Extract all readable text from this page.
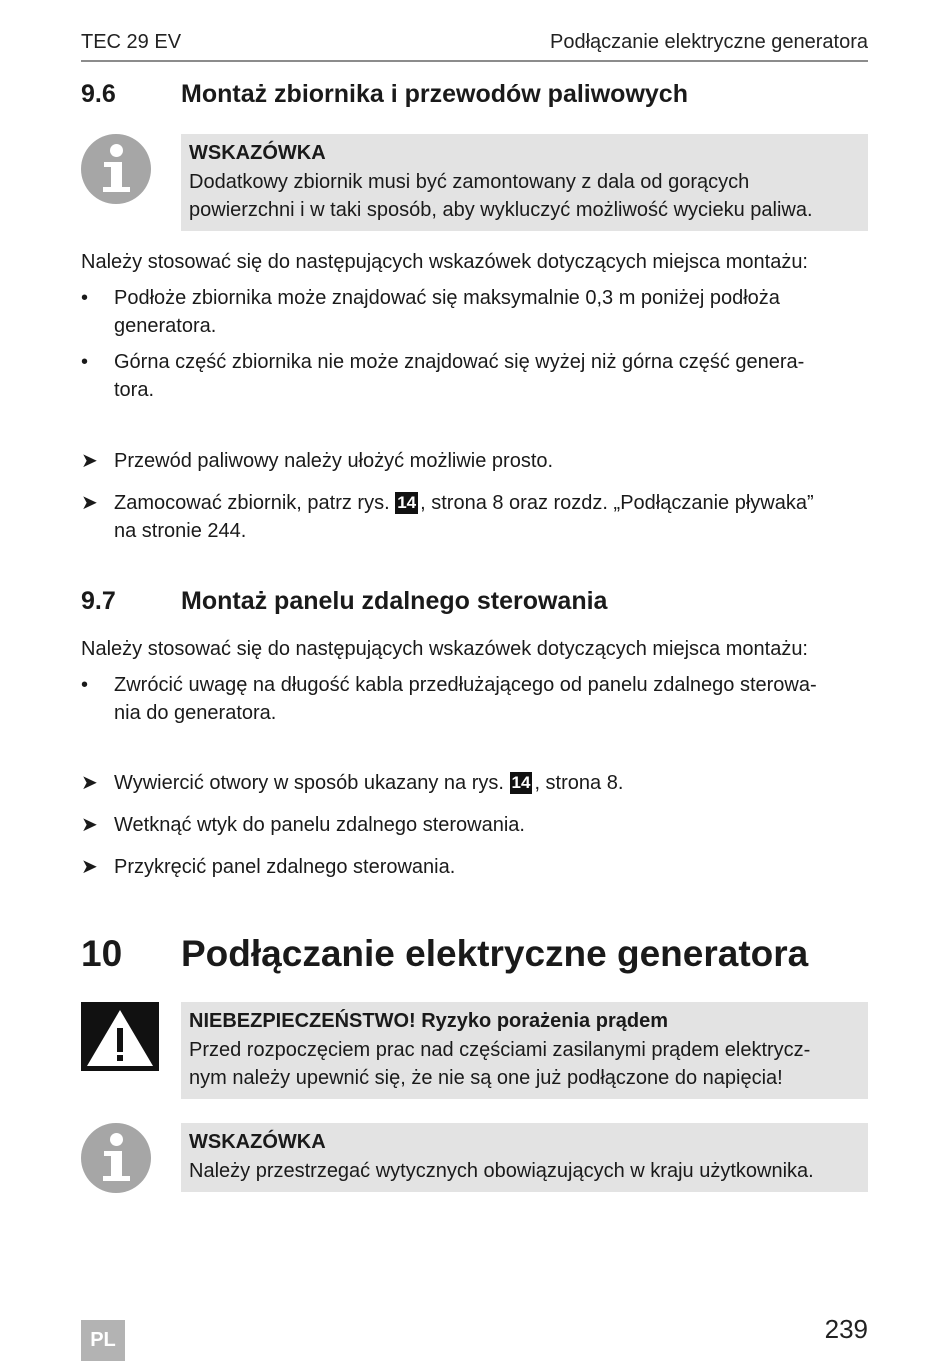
TEC 29 EV	Podłączanie elektryczne generatora
9.6	Montaż zbiornika i przewodów paliwowych
WSKAZÓWKA
Dodatkowy zbiornik musi być zamontowany z dala od gorących
powierzchni i w taki sposób, aby wykluczyć możliwość wycieku paliwa.
Należy stosować się do następujących wskazówek dotyczących miejsca montażu:
•	Podłoże zbiornika może znajdować się maksymalnie 0,3 m poniżej podłoża
generatora.
•	Górna część zbiornika nie może znajdować się wyżej niż górna część genera-
tora.
➤ Przewód paliwowy należy ułożyć możliwie prosto.
➤ Zamocować zbiornik, patrz rys. 14 , strona 8 oraz rozdz. „Podłączanie pływaka”
na stronie 244.
9.7	Montaż panelu zdalnego sterowania
Należy stosować się do następujących wskazówek dotyczących miejsca montażu:
•	Zwrócić uwagę na długość kabla przedłużającego od panelu zdalnego sterowa-
nia do generatora.
➤ Wywiercić otwory w sposób ukazany na rys. 14 , strona 8.
➤ Wetknąć wtyk do panelu zdalnego sterowania.
➤ Przykręcić panel zdalnego sterowania.
10 Podłączanie elektryczne generatora
NIEBEZPIECZEŃSTWO! Ryzyko porażenia prądem
Przed rozpoczęciem prac nad częściami zasilanymi prądem elektrycz-
nym należy upewnić się, że nie są one już podłączone do napięcia!
WSKAZÓWKA
Należy przestrzegać wytycznych obowiązujących w kraju użytkownika.
PL	239
